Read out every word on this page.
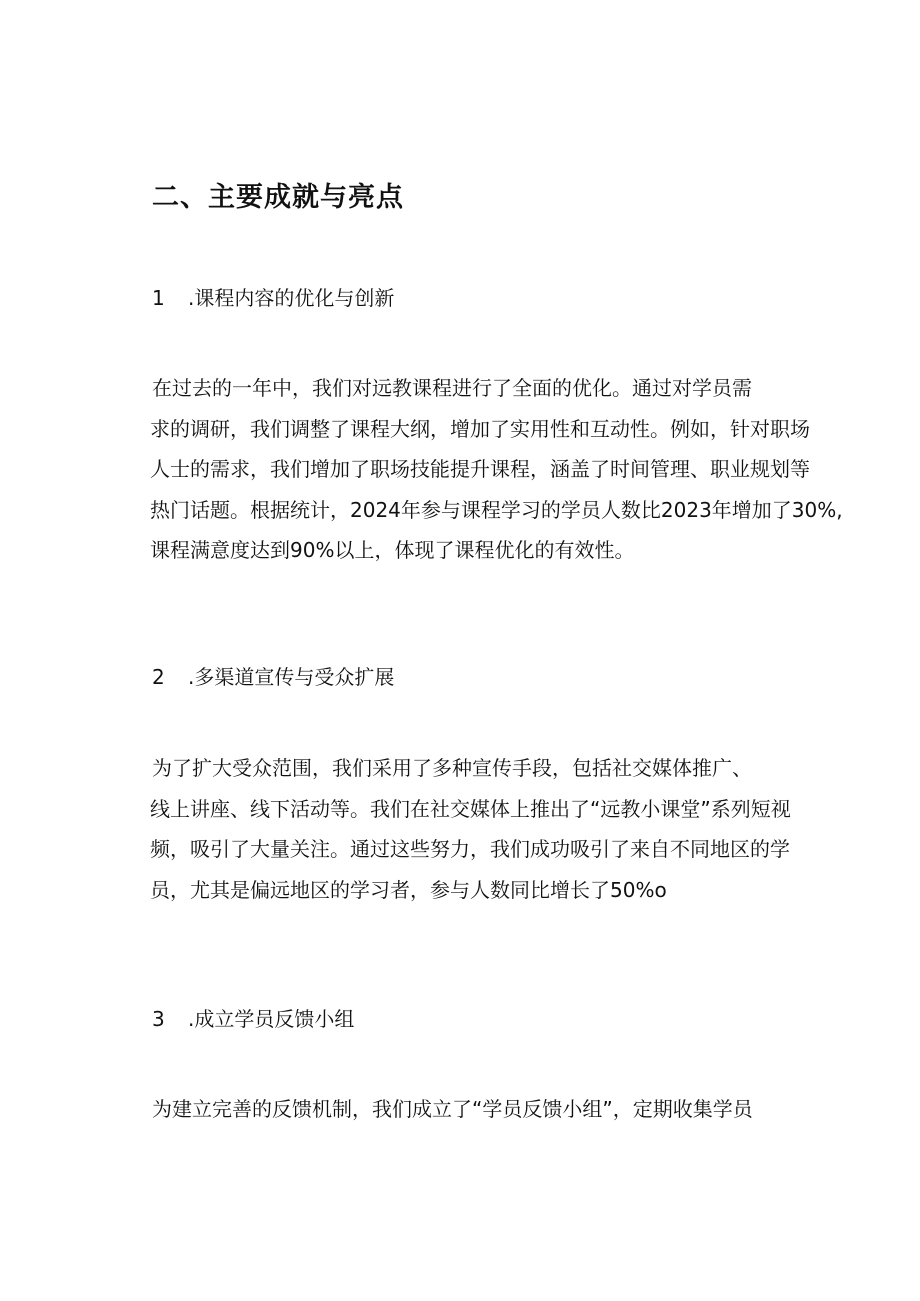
二、主要成就与亮点
1 .课程内容的优化与创新
在过去的一年中，我们对远教课程进行了全面的优化。通过对学员需
求的调研，我们调整了课程大纲，增加了实用性和互动性。例如，针对职场
人士的需求，我们增加了职场技能提升课程，涵盖了时间管理、职业规划等
热门话题。根据统计，2024年参与课程学习的学员人数比2023年增加了30%,
课程满意度达到90%以上，体现了课程优化的有效性。
2 .多渠道宣传与受众扩展
为了扩大受众范围，我们采用了多种宣传手段，包括社交媒体推广、
线上讲座、线下活动等。我们在社交媒体上推出了“远教小课堂”系列短视
频，吸引了大量关注。通过这些努力，我们成功吸引了来自不同地区的学
员，尤其是偏远地区的学习者，参与人数同比增长了50%o
3 .成立学员反馈小组
为建立完善的反馈机制，我们成立了“学员反馈小组”，定期收集学员
